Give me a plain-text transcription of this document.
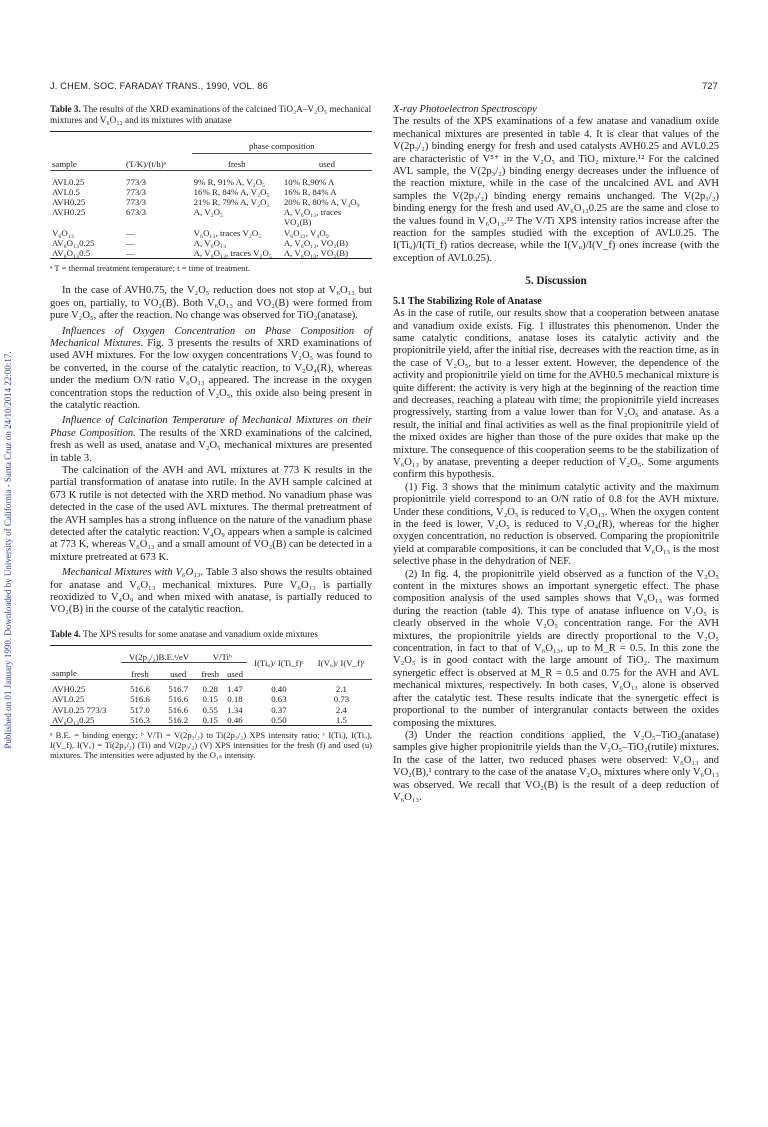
Published on 01 January 1990. Downloaded by University of California - Santa Cruz on 24/10/2014 22:00:17.
J. CHEM. SOC. FARADAY TRANS., 1990, VOL. 86	727

Table 3. The results of the XRD examinations of the calcined TiO₂A–V₂O₅ mechanical mixtures and V₆O₁₃ and its mixtures with anatase

		phase composition	

sample	(T/K)/(t/h)ᵃ	fresh	used

AVL0.25	773/3	9% R, 91% A, V₂O₅	10% R,90% A
AVL0.5	773/3	16% R, 84% A, V₂O₅	16% R, 84% A
AVH0.25	773/3	21% R, 79% A, V₂O₅	20% R, 80% A, V₄O₉
AVH0.25	673/3	A, V₂O₅	A, V₆O₁₃, traces VO₂(B)
V₆O₁₃	—	V₆O₁₃, traces V₂O₅	V₆O₁₃, V₄O₉
AV₆O₁₃0.25	—	A, V₆O₁₃	A, V₆O₁₃, VO₂(B)
AV₆O₁₃0.5	—	A, V₆O₁₃, traces V₂O₅	A, V₆O₁₃, VO₂(B)

ᵃ T = thermal treatment temperature; t = time of treatment.

In the case of AVH0.75, the V₂O₅ reduction does not stop at V₆O₁₃ but goes on, partially, to VO₂(B). Both V₆O₁₃ and VO₂(B) were formed from pure V₂O₅, after the reaction. No change was observed for TiO₂(anatase).

Influences of Oxygen Concentration on Phase Composition of Mechanical Mixtures. Fig. 3 presents the results of XRD examinations of used AVH mixtures. For the low oxygen concentrations V₂O₅ was found to be converted, in the course of the catalytic reaction, to V₂O₄(R), whereas under the medium O/N ratio V₆O₁₃ appeared. The increase in the oxygen concentration stops the reduction of V₂O₅, this oxide also being present in the catalytic reaction.

Influence of Calcination Temperature of Mechanical Mixtures on their Phase Composition. The results of the XRD examinations of the calcined, fresh as well as used, anatase and V₂O₅ mechanical mixtures are presented in table 3.

The calcination of the AVH and AVL mixtures at 773 K results in the partial transformation of anatase into rutile. In the AVH sample calcined at 673 K rutile is not detected with the XRD method. No vanadium phase was detected in the case of the used AVL mixtures. The thermal pretreatment of the AVH samples has a strong influence on the nature of the vanadium phase detected after the catalytic reaction: V₄O₉ appears when a sample is calcined at 773 K, whereas V₆O₁₃ and a small amount of VO₂(B) can be detected in a mixture pretreated at 673 K.

Mechanical Mixtures with V₆O₁₃. Table 3 also shows the results obtained for anatase and V₆O₁₃ mechanical mixtures. Pure V₆O₁₃ is partially reoxidized to V₄O₉ and when mixed with anatase, is partially reduced to VO₂(B) in the course of the catalytic reaction.

Table 4. The XPS results for some anatase and vanadium oxide mixtures

	V(2p₃/₂)B.E.ᵃ/eV		V/Tiᵇ		I(Tiᵤ)/ I(Ti_f)ᶜ	I(Vᵤ)/ I(V_f)ᶜ
sample	fresh	used	fresh	used		

AVH0.25	516.6	516.7	0.28	1.47	0.40	2.1
AVL0.25	516.6	516.6	0.15	0.18	0.63	0.73
AVL0.25 773/3	517.0	516.6	0.55	1.34	0.37	2.4
AV₆O₁₃0.25	516.3	516.2	0.15	0.46	0.50	1.5

ᵃ B.E. = binding energy; ᵇ V/Ti = V(2p₃/₂) to Ti(2p₃/₂) XPS intensity ratio; ᶜ I(Tiᵢ), I(Tiᵤ), I(V_f), I(Vᵤ) = Ti(2p₃/₂) (Ti) and V(2p₃/₂) (V) XPS intensities for the fresh (f) and used (u) mixtures. The intensities were adjusted by the O₁ₛ intensity.

X-ray Photoelectron Spectroscopy

The results of the XPS examinations of a few anatase and vanadium oxide mechanical mixtures are presented in table 4. It is clear that values of the V(2p₃/₂) binding energy for fresh and used catalysts AVH0.25 and AVL0.25 are characteristic of V⁵⁺ in the V₂O₅ and TiO₂ mixture.¹² For the calcined AVL sample, the V(2p₃/₂) binding energy decreases under the influence of the reaction mixture, while in the case of the uncalcined AVL and AVH samples the V(2p₃/₂) binding energy remains unchanged. The V(2p₃/₂) binding energy for the fresh and used AV₆O₁₃0.25 are the same and close to the values found in V₆O₁₃.¹² The V/Ti XPS intensity ratios increase after the reaction for the samples studied with the exception of AVL0.25. The I(Tiᵤ)/I(Ti_f) ratios decrease, while the I(Vᵤ)/I(V_f) ones increase (with the exception of AVL0.25).

5. Discussion

5.1 The Stabilizing Role of Anatase

As in the case of rutile, our results show that a cooperation between anatase and vanadium oxide exists. Fig. 1 illustrates this phenomenon. Under the same catalytic conditions, anatase loses its catalytic activity and the propionitrile yield, after the initial rise, decreases with the reaction time, as in the case of V₂O₅, but to a lesser extent. However, the dependence of the activity and propionitrile yield on time for the AVH0.5 mechanical mixture is quite different: the activity is very high at the beginning of the reaction time and decreases, reaching a plateau with time; the propionitrile yield increases progressively, starting from a value lower than for V₂O₅ and anatase. As a result, the initial and final activities as well as the final propionitrile yield of the mixed oxides are higher than those of the pure oxides that make up the mixture. The consequence of this cooperation seems to be the stabilization of V₆O₁₃ by anatase, preventing a deeper reduction of V₂O₅. Some arguments confirm this hypothesis.

(1) Fig. 3 shows that the minimum catalytic activity and the maximum propionitrile yield correspond to an O/N ratio of 0.8 for the AVH mixture. Under these conditions, V₂O₅ is reduced to V₆O₁₃. When the oxygen content in the feed is lower, V₂O₅ is reduced to V₂O₄(R), whereas for the higher oxygen concentration, no reduction is observed. Comparing the propionitrile yield at comparable compositions, it can be concluded that V₆O₁₃ is the most selective phase in the dehydration of NEF.

(2) In fig. 4, the propionitrile yield observed as a function of the V₂O₅ content in the mixtures shows an important synergetic effect. The phase composition analysis of the used samples shows that V₆O₁₃ was formed during the reaction (table 4). This type of anatase influence on V₂O₅ is clearly observed in the whole V₂O₅ concentration range. For the AVH mixtures, the propionitrile yields are directly proportional to the V₂O₅ concentration, in fact to that of V₆O₁₃, up to M_R = 0.5. In this zone the V₂O₅ is in good contact with the large amount of TiO₂. The maximum synergetic effect is observed at M_R = 0.5 and 0.75 for the AVH and AVL mechanical mixtures, respectively. In both cases, V₆O₁₃ alone is observed after the catalytic test. These results indicate that the synergetic effect is proportional to the number of intergranular contacts between the oxides composing the mixtures.

(3) Under the reaction conditions applied, the V₂O₅–TiO₂(anatase) samples give higher propionitrile yields than the V₂O₅–TiO₂(rutile) mixtures. In the case of the latter, two reduced phases were observed: V₆O₁₃ and VO₂(B),¹ contrary to the case of the anatase V₂O₅ mixtures where only V₆O₁₃ was observed. We recall that VO₂(B) is the result of a deep reduction of V₆O₁₃.
